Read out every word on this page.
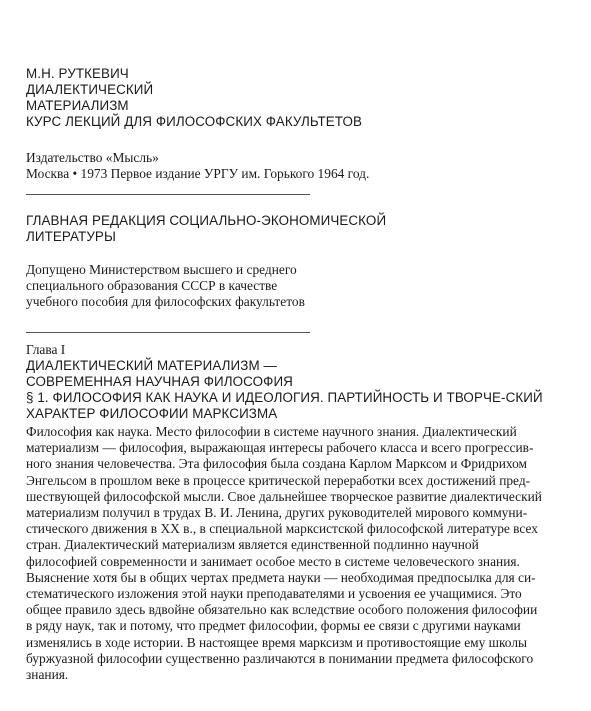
М.Н. РУТКЕВИЧ
ДИАЛЕКТИЧЕСКИЙ
МАТЕРИАЛИЗМ
КУРС ЛЕКЦИЙ ДЛЯ ФИЛОСОФСКИХ ФАКУЛЬТЕТОВ
Издательство «Мысль»
Москва • 1973 Первое издание УРГУ им. Горького 1964 год.
ГЛАВНАЯ РЕДАКЦИЯ СОЦИАЛЬНО-ЭКОНОМИЧЕСКОЙ
ЛИТЕРАТУРЫ
Допущено Министерством высшего и среднего
специального образования СССР в качестве
учебного пособия для философских факультетов
Глава I
ДИАЛЕКТИЧЕСКИЙ МАТЕРИАЛИЗМ —
СОВРЕМЕННАЯ НАУЧНАЯ ФИЛОСОФИЯ
§ 1. ФИЛОСОФИЯ КАК НАУКА И ИДЕОЛОГИЯ. ПАРТИЙНОСТЬ И ТВОРЧЕ-СКИЙ
ХАРАКТЕР ФИЛОСОФИИ МАРКСИЗМА
Философия как наука. Место философии в системе научного знания. Диалектический
материализм — философия, выражающая интересы рабочего класса и всего прогрессив-
ного знания человечества. Эта философия была создана Карлом Марксом и Фридрихом
Энгельсом в прошлом веке в процессе критической переработки всех достижений пред-
шествующей философской мысли. Свое дальнейшее творческое развитие диалектический
материализм получил в трудах В. И. Ленина, других руководителей мирового коммуни-
стического движения в XX в., в специальной марксистской философской литературе всех
стран. Диалектический материализм является единственной подлинно научной
философией современности и занимает особое место в системе человеческого знания.
Выяснение хотя бы в общих чертах предмета науки — необходимая предпосылка для си-
стематического изложения этой науки преподавателями и усвоения ее учащимися. Это
общее правило здесь вдвойне обязательно как вследствие особого положения философии
в ряду наук, так и потому, что предмет философии, формы ее связи с другими науками
изменялись в ходе истории. В настоящее время марксизм и противостоящие ему школы
буржуазной философии существенно различаются в понимании предмета философского
знания.
